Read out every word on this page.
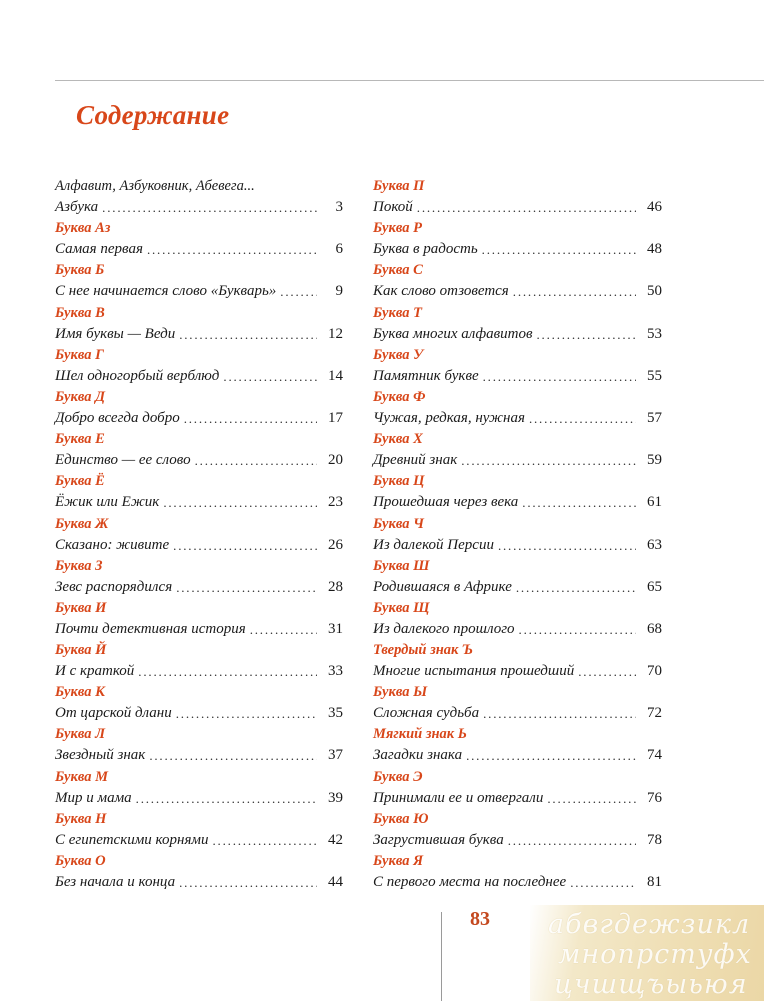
Содержание
Алфавит, Азбуковник, Абевега...
Азбука .....	3
Буква Аз
Самая первая .....	6
Буква Б
С нее начинается слово «Букварь» .....	9
Буква В
Имя буквы — Веди .....	12
Буква Г
Шел одногорбый верблюд .....	14
Буква Д
Добро всегда добро .....	17
Буква Е
Единство — ее слово .....	20
Буква Ё
Ёжик или Ежик .....	23
Буква Ж
Сказано: живите .....	26
Буква З
Зевс распорядился .....	28
Буква И
Почти детективная история .....	31
Буква Й
И с краткой .....	33
Буква К
От царской длани .....	35
Буква Л
Звездный знак .....	37
Буква М
Мир и мама .....	39
Буква Н
С египетскими корнями .....	42
Буква О
Без начала и конца .....	44
Буква П
Покой .....	46
Буква Р
Буква в радость .....	48
Буква С
Как слово отзовется .....	50
Буква Т
Буква многих алфавитов .....	53
Буква У
Памятник букве .....	55
Буква Ф
Чужая, редкая, нужная .....	57
Буква Х
Древний знак .....	59
Буква Ц
Прошедшая через века .....	61
Буква Ч
Из далекой Персии .....	63
Буква Ш
Родившаяся в Африке .....	65
Буква Щ
Из далекого прошлого .....	68
Твердый знак Ъ
Многие испытания прошедший .....	70
Буква Ы
Сложная судьба .....	72
Мягкий знак Ь
Загадки знака .....	74
Буква Э
Принимали ее и отвергали .....	76
Буква Ю
Загрустившая буква .....	78
Буква Я
С первого места на последнее .....	81
83 абвгдежзикл
мнопрстуфх
цчшщъыьюя
